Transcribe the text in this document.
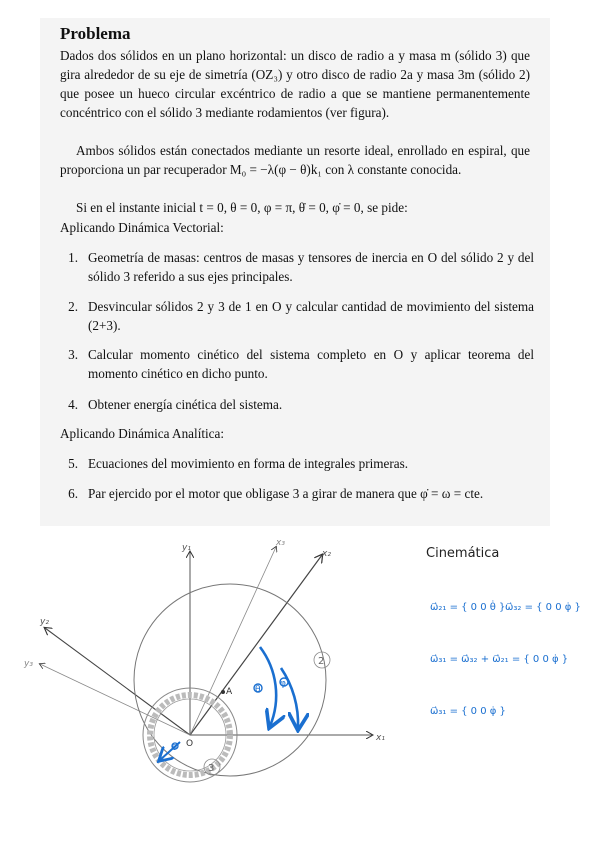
Problema
Dados dos sólidos en un plano horizontal: un disco de radio a y masa m (sólido 3) que gira alrededor de su eje de simetría (OZ₃) y otro disco de radio 2a y masa 3m (sólido 2) que posee un hueco circular excéntrico de radio a que se mantiene permanentemente concéntrico con el sólido 3 mediante rodamientos (ver figura).
Ambos sólidos están conectados mediante un resorte ideal, enrollado en espiral, que proporciona un par recuperador M₀ = −λ(φ − θ)k₁ con λ constante conocida.
Si en el instante inicial t = 0, θ = 0, φ = π, θ̇ = 0, φ̇ = 0, se pide:
Aplicando Dinámica Vectorial:
1. Geometría de masas: centros de masas y tensores de inercia en O del sólido 2 y del sólido 3 referido a sus ejes principales.
2. Desvincular sólidos 2 y 3 de 1 en O y calcular cantidad de movimiento del sistema (2+3).
3. Calcular momento cinético del sistema completo en O y aplicar teorema del momento cinético en dicho punto.
4. Obtener energía cinética del sistema.
Aplicando Dinámica Analítica:
5. Ecuaciones del movimiento en forma de integrales primeras.
6. Par ejercido por el motor que obligase 3 a girar de manera que φ̇ = ω = cte.
A
O
2
3
x₁
y₁
x₂
x₃
y₂
y₃
θ
φ
θ
Cinemática
ω⃗₂₁ = { 0 0 θ̇ } ω⃗₃₂ = { 0 0 φ̇ }
ω⃗₃₁ = ω⃗₃₂ + ω⃗₂₁ = { 0 0 φ̇ }
ω⃗₃₁ = { 0 0 φ̇ }
